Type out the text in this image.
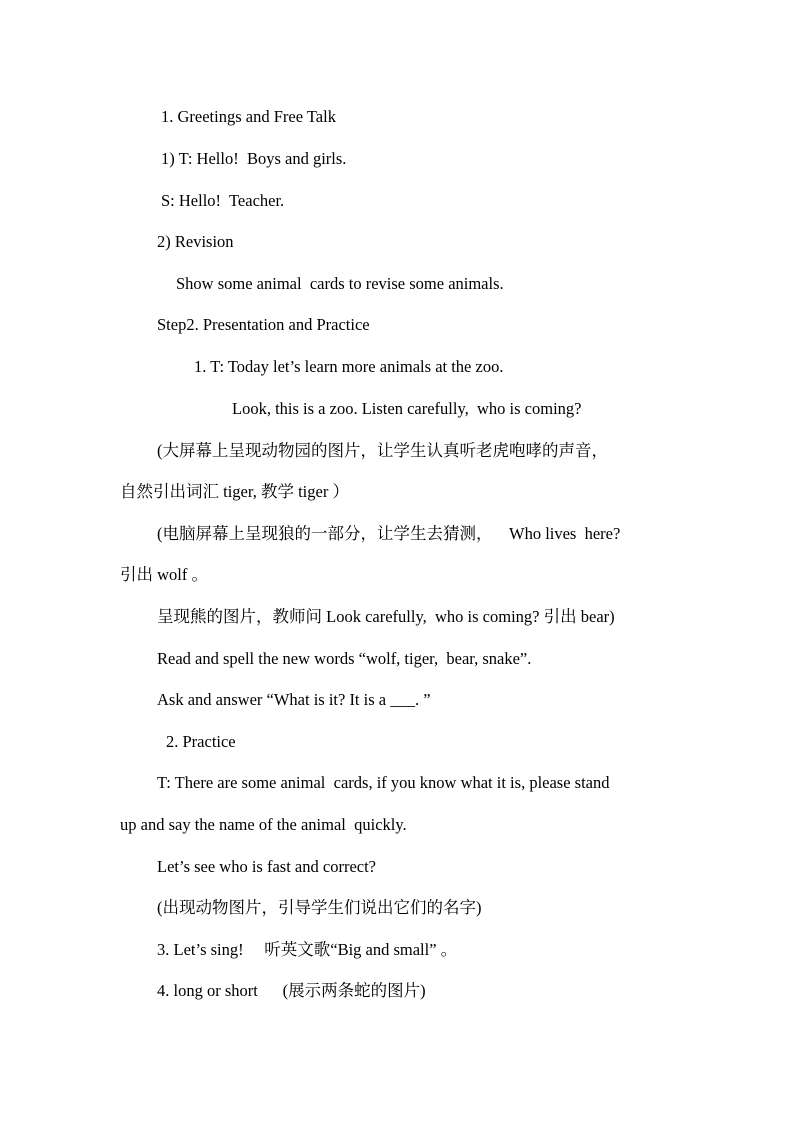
1. Greetings and Free Talk
1) T: Hello!  Boys and girls.
S: Hello!  Teacher.
2) Revision
Show some animal  cards to revise some animals.
Step2. Presentation and Practice
1. T: Today let’s learn more animals at the zoo.
Look, this is a zoo. Listen carefully,  who is coming?
(大屏幕上呈现动物园的图片，让学生认真听老虎咆哮的声音，
自然引出词汇 tiger, 教学 tiger ）
(电脑屏幕上呈现狼的一部分，让学生去猜测，    Who lives  here?
引出 wolf 。
呈现熊的图片，教师问 Look carefully,  who is coming? 引出 bear)
Read and spell the new words “wolf, tiger,  bear, snake”.
Ask and answer “What is it? It is a ___. ”
2. Practice
T: There are some animal  cards, if you know what it is, please stand
up and say the name of the animal  quickly.
Let’s see who is fast and correct?
(出现动物图片，引导学生们说出它们的名字)
3. Let’s sing!     听英文歌“Big and small” 。
4. long or short      (展示两条蛇的图片)
